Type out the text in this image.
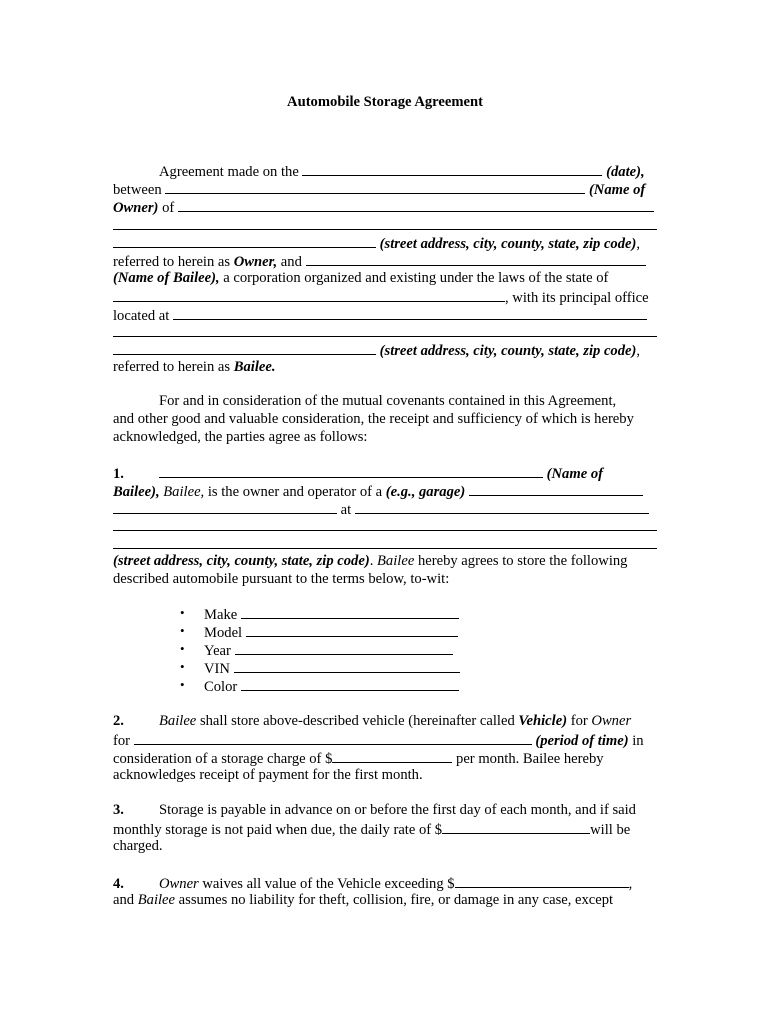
Automobile Storage Agreement
Agreement made on the	(date),
between	(Name of
Owner) of
(street address, city, county, state, zip code),
referred to herein as Owner, and
(Name of Bailee), a corporation organized and existing under the laws of the state of
, with its principal office
located at
(street address, city, county, state, zip code),
referred to herein as Bailee.
For and in consideration of the mutual covenants contained in this Agreement,
and other good and valuable consideration, the receipt and sufficiency of which is hereby
acknowledged, the parties agree as follows:
1.	(Name of
Bailee), Bailee, is the owner and operator of a (e.g., garage)
at
(street address, city, county, state, zip code). Bailee hereby agrees to store the following
described automobile pursuant to the terms below, to-wit:
• Make
• Model
• Year
• VIN
• Color
2. Bailee shall store above-described vehicle (hereinafter called Vehicle) for Owner
for	(period of time) in
consideration of a storage charge of $	per month. Bailee hereby
acknowledges receipt of payment for the first month.
3. Storage is payable in advance on or before the first day of each month, and if said
monthly storage is not paid when due, the daily rate of $	will be
charged.
4. Owner waives all value of the Vehicle exceeding $	,
and Bailee assumes no liability for theft, collision, fire, or damage in any case, except
